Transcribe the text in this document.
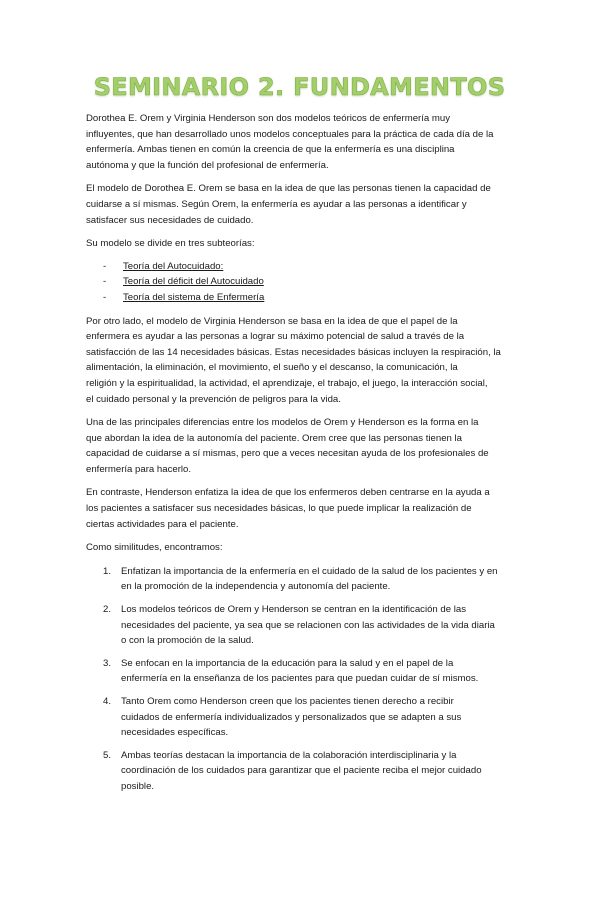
SEMINARIO 2. FUNDAMENTOS

Dorothea E. Orem y Virginia Henderson son dos modelos teóricos de enfermería muy
influyentes, que han desarrollado unos modelos conceptuales para la práctica de cada día de la
enfermería. Ambas tienen en común la creencia de que la enfermería es una disciplina
autónoma y que la función del profesional de enfermería.

El modelo de Dorothea E. Orem se basa en la idea de que las personas tienen la capacidad de
cuidarse a sí mismas. Según Orem, la enfermería es ayudar a las personas a identificar y
satisfacer sus necesidades de cuidado.

Su modelo se divide en tres subteorías:

- Teoría del Autocuidado:
- Teoría del déficit del Autocuidado
- Teoría del sistema de Enfermería

Por otro lado, el modelo de Virginia Henderson se basa en la idea de que el papel de la
enfermera es ayudar a las personas a lograr su máximo potencial de salud a través de la
satisfacción de las 14 necesidades básicas. Estas necesidades básicas incluyen la respiración, la
alimentación, la eliminación, el movimiento, el sueño y el descanso, la comunicación, la
religión y la espiritualidad, la actividad, el aprendizaje, el trabajo, el juego, la interacción social,
el cuidado personal y la prevención de peligros para la vida.

Una de las principales diferencias entre los modelos de Orem y Henderson es la forma en la
que abordan la idea de la autonomía del paciente. Orem cree que las personas tienen la
capacidad de cuidarse a sí mismas, pero que a veces necesitan ayuda de los profesionales de
enfermería para hacerlo.

En contraste, Henderson enfatiza la idea de que los enfermeros deben centrarse en la ayuda a
los pacientes a satisfacer sus necesidades básicas, lo que puede implicar la realización de
ciertas actividades para el paciente.

Como similitudes, encontramos:

1. Enfatizan la importancia de la enfermería en el cuidado de la salud de los pacientes y en
en la promoción de la independencia y autonomía del paciente.
2. Los modelos teóricos de Orem y Henderson se centran en la identificación de las
necesidades del paciente, ya sea que se relacionen con las actividades de la vida diaria
o con la promoción de la salud.
3. Se enfocan en la importancia de la educación para la salud y en el papel de la
enfermería en la enseñanza de los pacientes para que puedan cuidar de sí mismos.
4. Tanto Orem como Henderson creen que los pacientes tienen derecho a recibir
cuidados de enfermería individualizados y personalizados que se adapten a sus
necesidades específicas.
5. Ambas teorías destacan la importancia de la colaboración interdisciplinaria y la
coordinación de los cuidados para garantizar que el paciente reciba el mejor cuidado
posible.
